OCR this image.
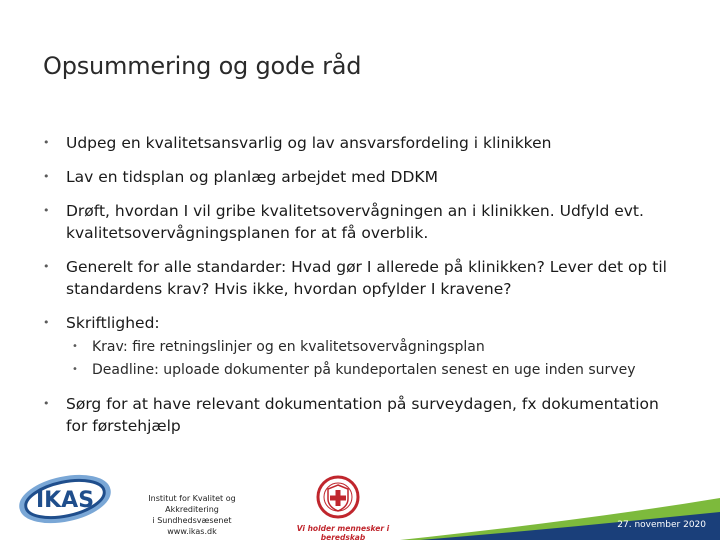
Opsummering og gode råd
• Udpeg en kvalitetsansvarlig og lav ansvarsfordeling i klinikken
• Lav en tidsplan og planlæg arbejdet med DDKM
• Drøft, hvordan I vil gribe kvalitetsovervågningen an i klinikken. Udfyld evt. kvalitetsovervågningsplanen for at få overblik.
• Generelt for alle standarder: Hvad gør I allerede på klinikken? Lever det op til standardens krav? Hvis ikke, hvordan opfylder I kravene?
• Skriftlighed:
• Krav: fire retningslinjer og en kvalitetsovervågningsplan
• Deadline: uploade dokumenter på kundeportalen senest en uge inden survey
• Sørg for at have relevant dokumentation på surveydagen, fx dokumentation for førstehjælp
IKAS	Institut for Kvalitet og Akkreditering
i Sundhedsvæsenet
www.ikas.dk	Vi holder mennesker i beredskab
27. november 2020
